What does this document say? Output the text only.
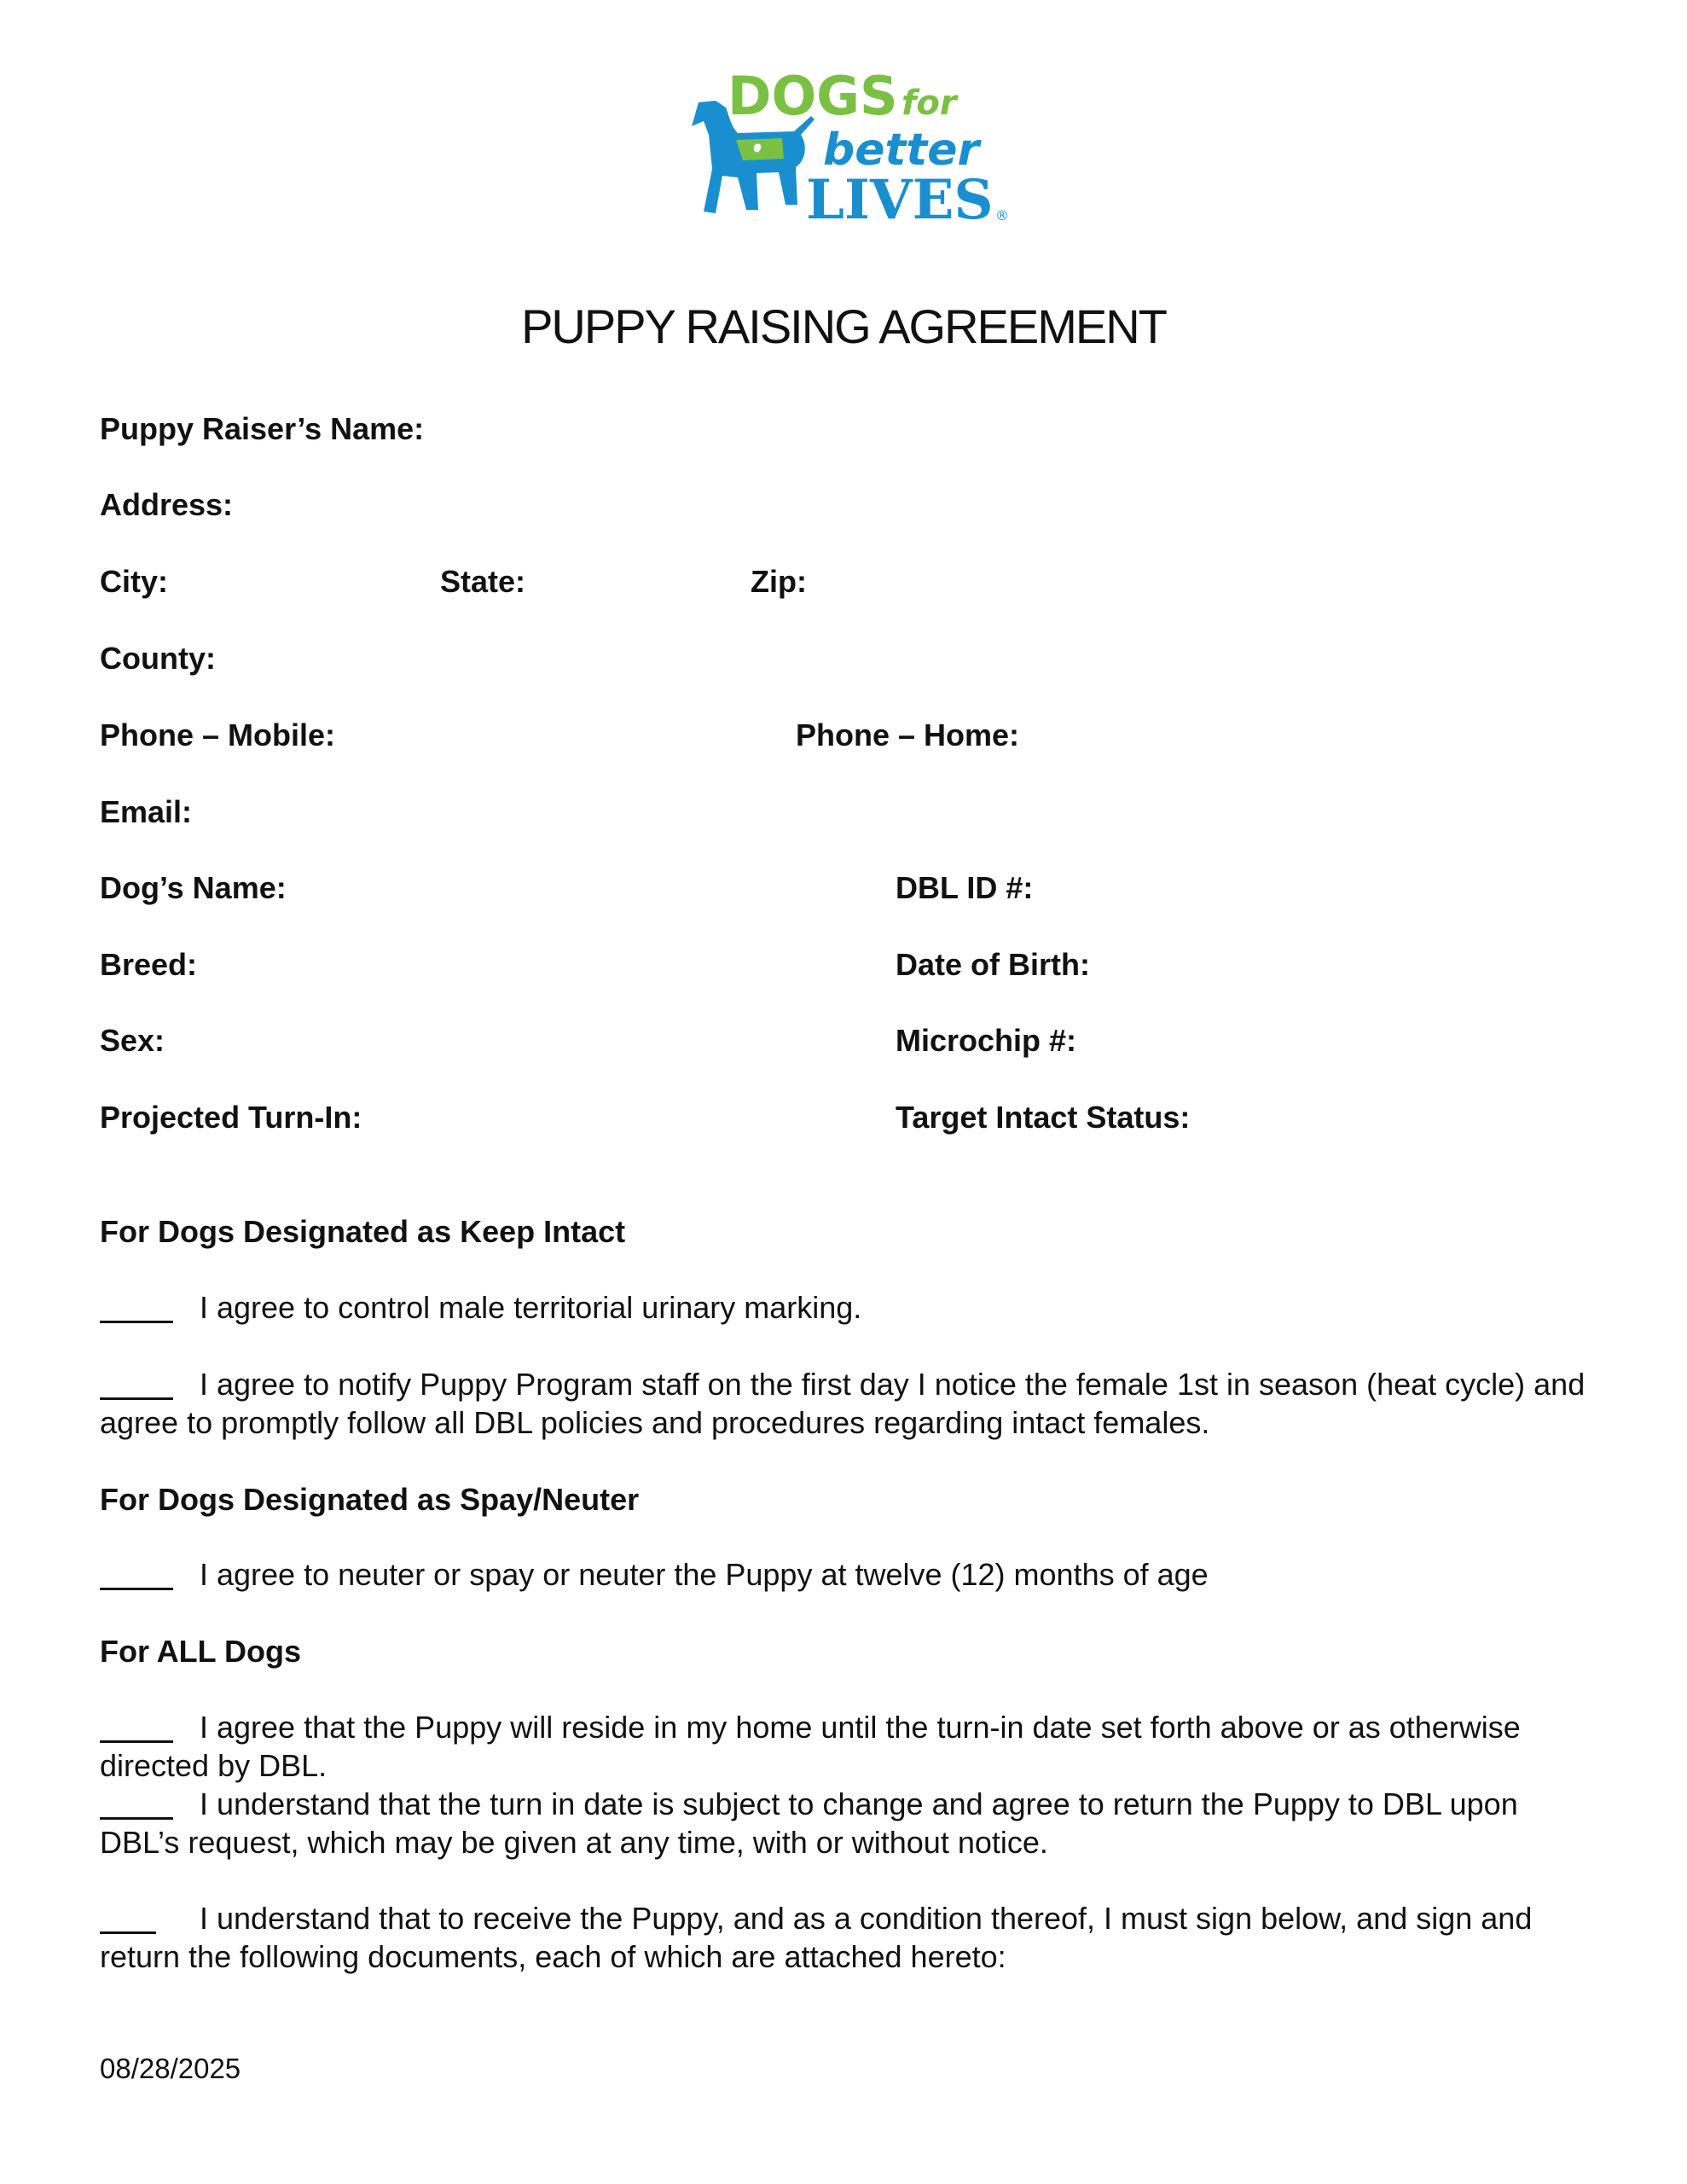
DOGS for
better
LIVES ®
PUPPY RAISING AGREEMENT
Puppy Raiser’s Name:
Address:
City:	State:	Zip:
County:
Phone – Mobile:	Phone – Home:
Email:
Dog’s Name:	DBL ID #:
Breed:	Date of Birth:
Sex:	Microchip #:
Projected Turn-In:	Target Intact Status:
For Dogs Designated as Keep Intact
I agree to control male territorial urinary marking.
I agree to notify Puppy Program staff on the first day I notice the female 1st in season (heat cycle) and agree to promptly follow all DBL policies and procedures regarding intact females.
For Dogs Designated as Spay/Neuter
I agree to neuter or spay or neuter the Puppy at twelve (12) months of age
For ALL Dogs
I agree that the Puppy will reside in my home until the turn-in date set forth above or as otherwise directed by DBL.
I understand that the turn in date is subject to change and agree to return the Puppy to DBL upon DBL’s request, which may be given at any time, with or without notice.
I understand that to receive the Puppy, and as a condition thereof, I must sign below, and sign and return the following documents, each of which are attached hereto:
08/28/2025
